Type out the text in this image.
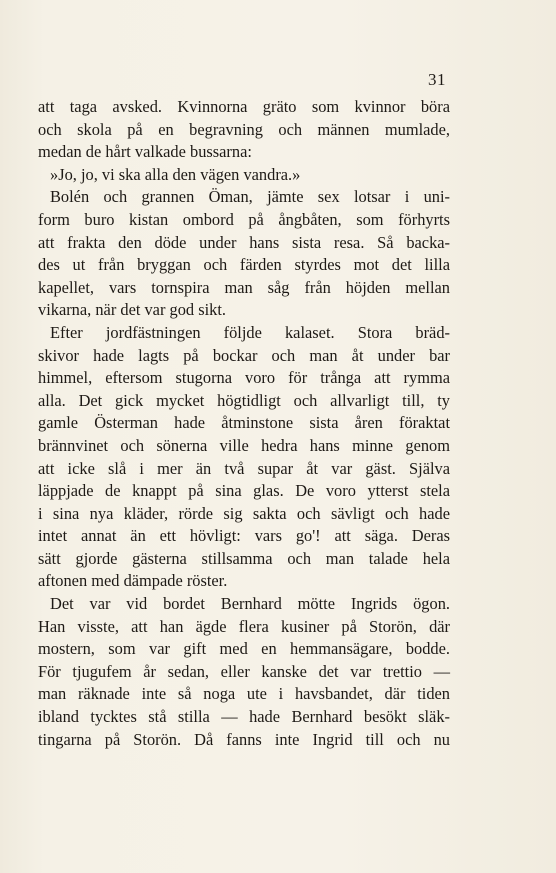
31
att taga avsked. Kvinnorna gräto som kvinnor böra
och skola på en begravning och männen mumlade,
medan de hårt valkade bussarna:
»Jo, jo, vi ska alla den vägen vandra.»
Bolén och grannen Öman, jämte sex lotsar i uni-
form buro kistan ombord på ångbåten, som förhyrts
att frakta den döde under hans sista resa. Så backa-
des ut från bryggan och färden styrdes mot det lilla
kapellet, vars tornspira man såg från höjden mellan
vikarna, när det var god sikt.
Efter jordfästningen följde kalaset. Stora bräd-
skivor hade lagts på bockar och man åt under bar
himmel, eftersom stugorna voro för trånga att rymma
alla. Det gick mycket högtidligt och allvarligt till, ty
gamle Österman hade åtminstone sista åren föraktat
brännvinet och sönerna ville hedra hans minne genom
att icke slå i mer än två supar åt var gäst. Själva
läppjade de knappt på sina glas. De voro ytterst stela
i sina nya kläder, rörde sig sakta och sävligt och hade
intet annat än ett hövligt: vars go'! att säga. Deras
sätt gjorde gästerna stillsamma och man talade hela
aftonen med dämpade röster.
Det var vid bordet Bernhard mötte Ingrids ögon.
Han visste, att han ägde flera kusiner på Storön, där
mostern, som var gift med en hemmansägare, bodde.
För tjugufem år sedan, eller kanske det var trettio —
man räknade inte så noga ute i havsbandet, där tiden
ibland tycktes stå stilla — hade Bernhard besökt släk-
tingarna på Storön. Då fanns inte Ingrid till och nu
